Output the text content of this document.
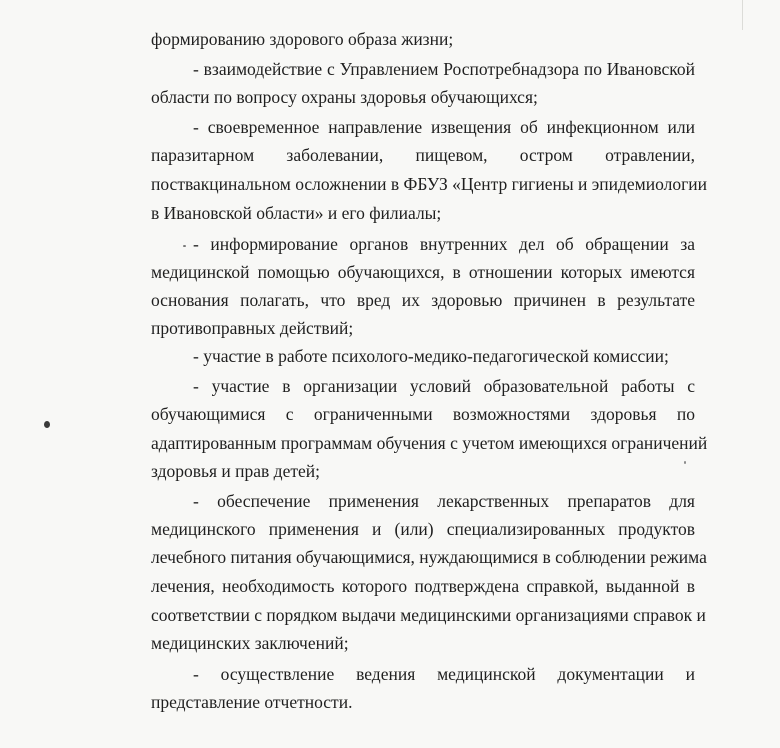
формированию здорового образа жизни;

- взаимодействие с Управлением Роспотребнадзора по Ивановской

области по вопросу охраны здоровья обучающихся;

- своевременное направление извещения об инфекционном или

паразитарном заболевании, пищевом, остром отравлении,

поствакцинальном осложнении в ФБУЗ «Центр гигиены и эпидемиологии

в Ивановской области» и его филиалы;

- информирование органов внутренних дел об обращении за

медицинской помощью обучающихся, в отношении которых имеются

основания полагать, что вред их здоровью причинен в результате

противоправных действий;

- участие в работе психолого-медико-педагогической комиссии;

- участие в организации условий образовательной работы с

обучающимися с ограниченными возможностями здоровья по

адаптированным программам обучения с учетом имеющихся ограничений

здоровья и прав детей;

- обеспечение применения лекарственных препаратов для

медицинского применения и (или) специализированных продуктов

лечебного питания обучающимися, нуждающимися в соблюдении режима

лечения, необходимость которого подтверждена справкой, выданной в

соответствии с порядком выдачи медицинскими организациями справок и

медицинских заключений;

- осуществление ведения медицинской документации и

представление отчетности.
